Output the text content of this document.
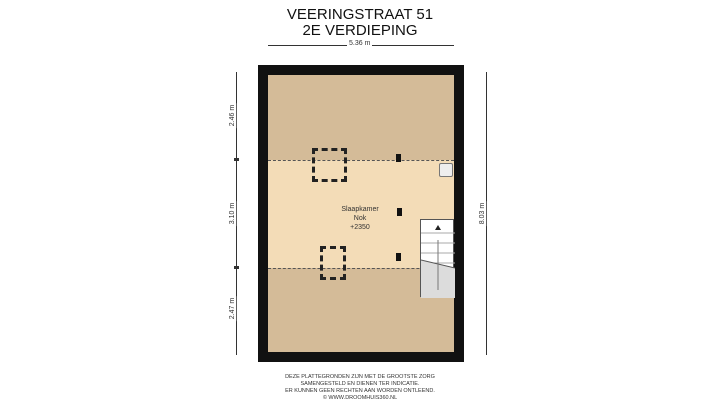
VEERINGSTRAAT 51
2E VERDIEPING
5.36 m
2.46 m
3.10 m
2.47 m
8.03 m
Slaapkamer
Nok
+2350
DEZE PLATTEGRONDEN ZIJN MET DE GROOTSTE ZORG
SAMENGESTELD EN DIENEN TER INDICATIE.
ER KUNNEN GEEN RECHTEN AAN WORDEN ONTLEEND.
© WWW.DROOMHUIS360.NL
